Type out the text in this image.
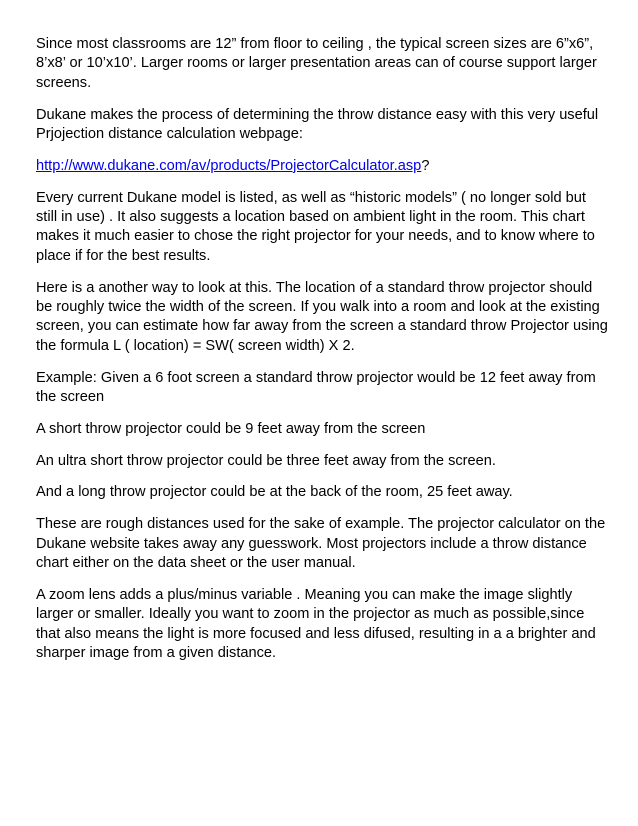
Since most classrooms are 12” from floor to ceiling , the typical screen sizes are 6”x6”, 8’x8’ or 10’x10’. Larger rooms or larger presentation areas can of course support larger screens.

Dukane makes the process of determining the throw distance easy with this very useful Prjojection distance calculation webpage:

http://www.dukane.com/av/products/ProjectorCalculator.asp?

Every current Dukane model is listed, as well as “historic models” ( no longer sold but still in use) . It also suggests a location based on ambient light in the room. This chart makes it much easier to chose the right projector for your needs, and to know where to place if for the best results.

Here is a another way to look at this. The location of a standard throw projector should be roughly twice the width of the screen. If you walk into a room and look at the existing screen, you can estimate how far away from the screen a standard throw Projector using the formula L ( location) = SW( screen width) X 2.

Example: Given a 6 foot screen a standard throw projector would be 12 feet away from the screen

A short throw projector could be 9 feet away from the screen

An ultra short throw projector could be three feet away from the screen.

And a long throw projector could be at the back of the room, 25 feet away.

These are rough distances used for the sake of example. The projector calculator on the Dukane website takes away any guesswork. Most projectors include a throw distance chart either on the data sheet or the user manual.

A zoom lens adds a plus/minus variable . Meaning you can make the image slightly larger or smaller. Ideally you want to zoom in the projector as much as possible,since that also means the light is more focused and less difused, resulting in a a brighter and sharper image from a given distance.
